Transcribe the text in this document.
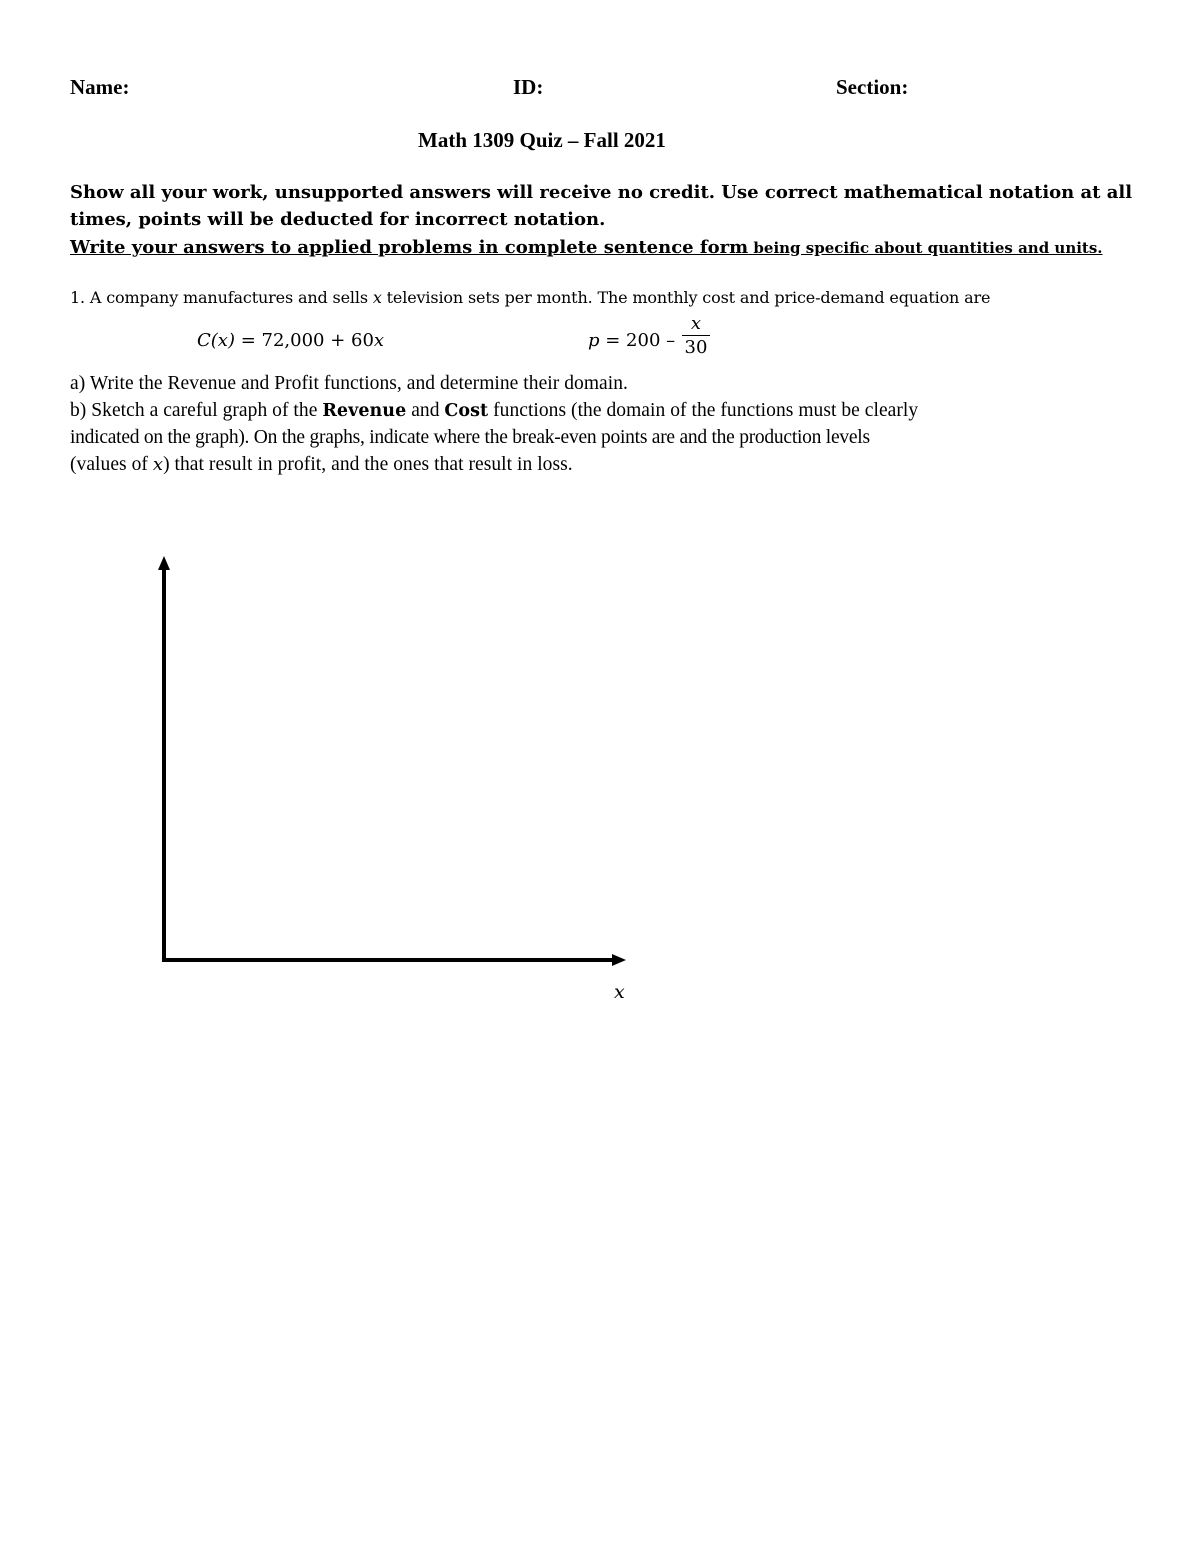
Name:	ID:	Section:
Math 1309 Quiz – Fall 2021
Show all your work, unsupported answers will receive no credit. Use correct mathematical notation at all
times, points will be deducted for incorrect notation.
Write your answers to applied problems in complete sentence form being specific about quantities and units.
1. A company manufactures and sells x television sets per month. The monthly cost and price-demand equation are
C(x) = 72,000 + 60x	p = 200 –
x
30
a) Write the Revenue and Profit functions, and determine their domain.
b) Sketch a careful graph of the Revenue and Cost functions (the domain of the functions must be clearly
indicated on the graph). On the graphs, indicate where the break-even points are and the production levels
(values of x) that result in profit, and the ones that result in loss.
x
